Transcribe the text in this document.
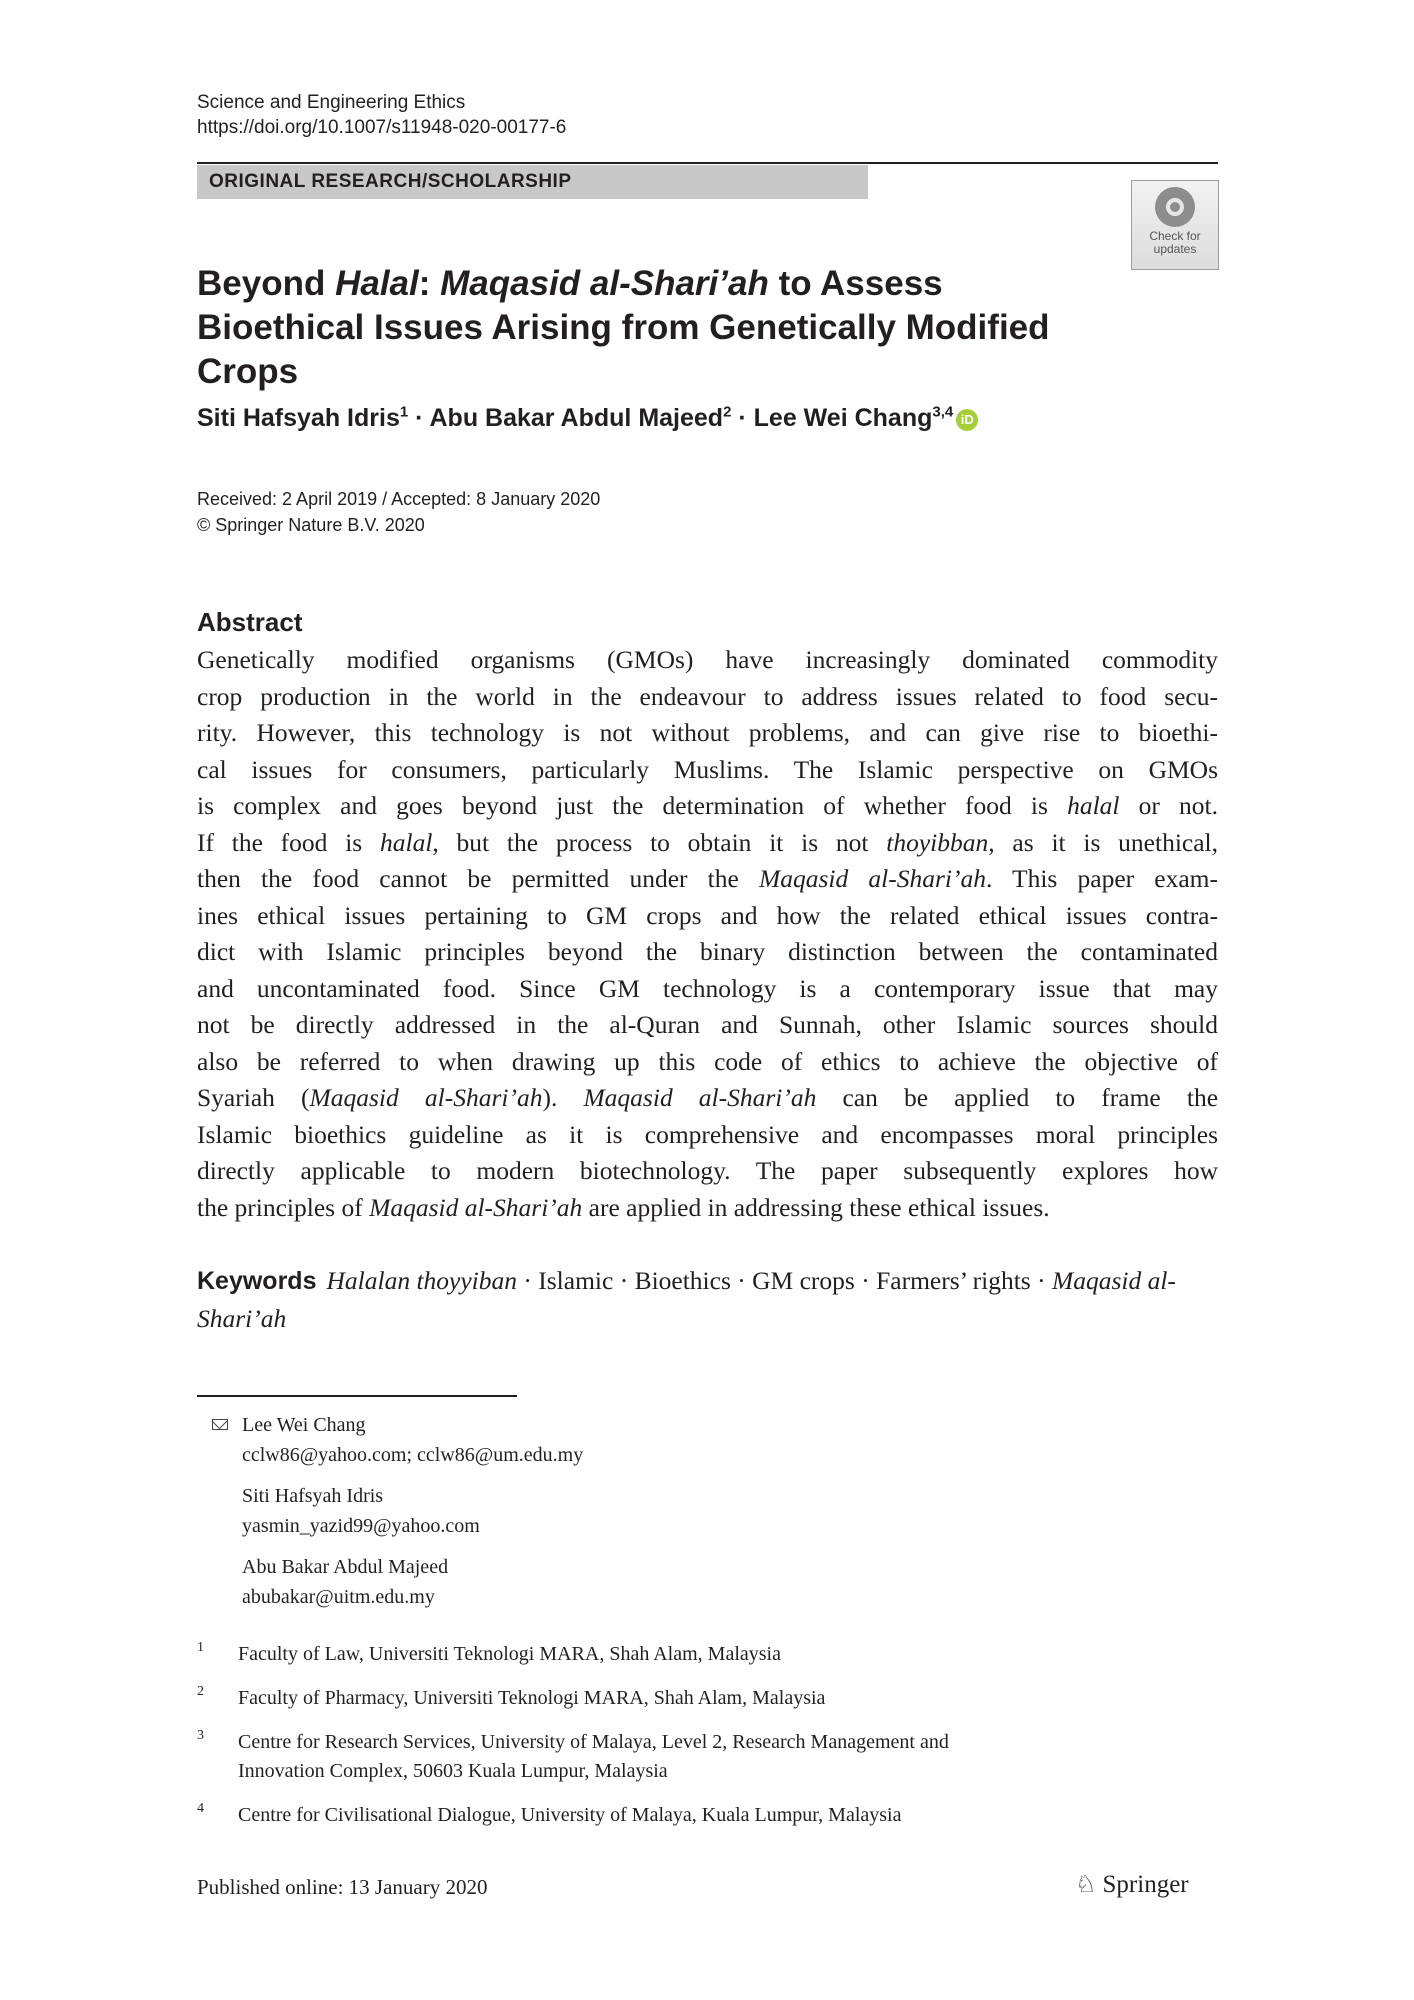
Science and Engineering Ethics
https://doi.org/10.1007/s11948-020-00177-6
ORIGINAL RESEARCH/SCHOLARSHIP
Check for
updates
Beyond Halal: Maqasid al-Shari’ah to Assess Bioethical Issues Arising from Genetically Modified Crops
Siti Hafsyah Idris$^1$ · Abu Bakar Abdul Majeed$^2$ · Lee Wei Chang$^{3,4}$ iD
Received: 2 April 2019 / Accepted: 8 January 2020
© Springer Nature B.V. 2020
Abstract
Genetically modified organisms (GMOs) have increasingly dominated commodity
crop production in the world in the endeavour to address issues related to food secu-
rity. However, this technology is not without problems, and can give rise to bioethi-
cal issues for consumers, particularly Muslims. The Islamic perspective on GMOs
is complex and goes beyond just the determination of whether food is halal or not.
If the food is halal, but the process to obtain it is not thoyibban, as it is unethical,
then the food cannot be permitted under the Maqasid al-Shari’ah. This paper exam-
ines ethical issues pertaining to GM crops and how the related ethical issues contra-
dict with Islamic principles beyond the binary distinction between the contaminated
and uncontaminated food. Since GM technology is a contemporary issue that may
not be directly addressed in the al-Quran and Sunnah, other Islamic sources should
also be referred to when drawing up this code of ethics to achieve the objective of
Syariah (Maqasid al-Shari’ah). Maqasid al-Shari’ah can be applied to frame the
Islamic bioethics guideline as it is comprehensive and encompasses moral principles
directly applicable to modern biotechnology. The paper subsequently explores how
the principles of Maqasid al-Shari’ah are applied in addressing these ethical issues.
Keywords Halalan thoyyiban · Islamic · Bioethics · GM crops · Farmers’ rights · Maqasid al-Shari’ah
Lee Wei Chang
cclw86@yahoo.com; cclw86@um.edu.my
Siti Hafsyah Idris
yasmin_yazid99@yahoo.com
Abu Bakar Abdul Majeed
abubakar@uitm.edu.my
1 Faculty of Law, Universiti Teknologi MARA, Shah Alam, Malaysia
2 Faculty of Pharmacy, Universiti Teknologi MARA, Shah Alam, Malaysia
3 Centre for Research Services, University of Malaya, Level 2, Research Management and
Innovation Complex, 50603 Kuala Lumpur, Malaysia
4 Centre for Civilisational Dialogue, University of Malaya, Kuala Lumpur, Malaysia
Published online: 13 January 2020	♘ Springer
